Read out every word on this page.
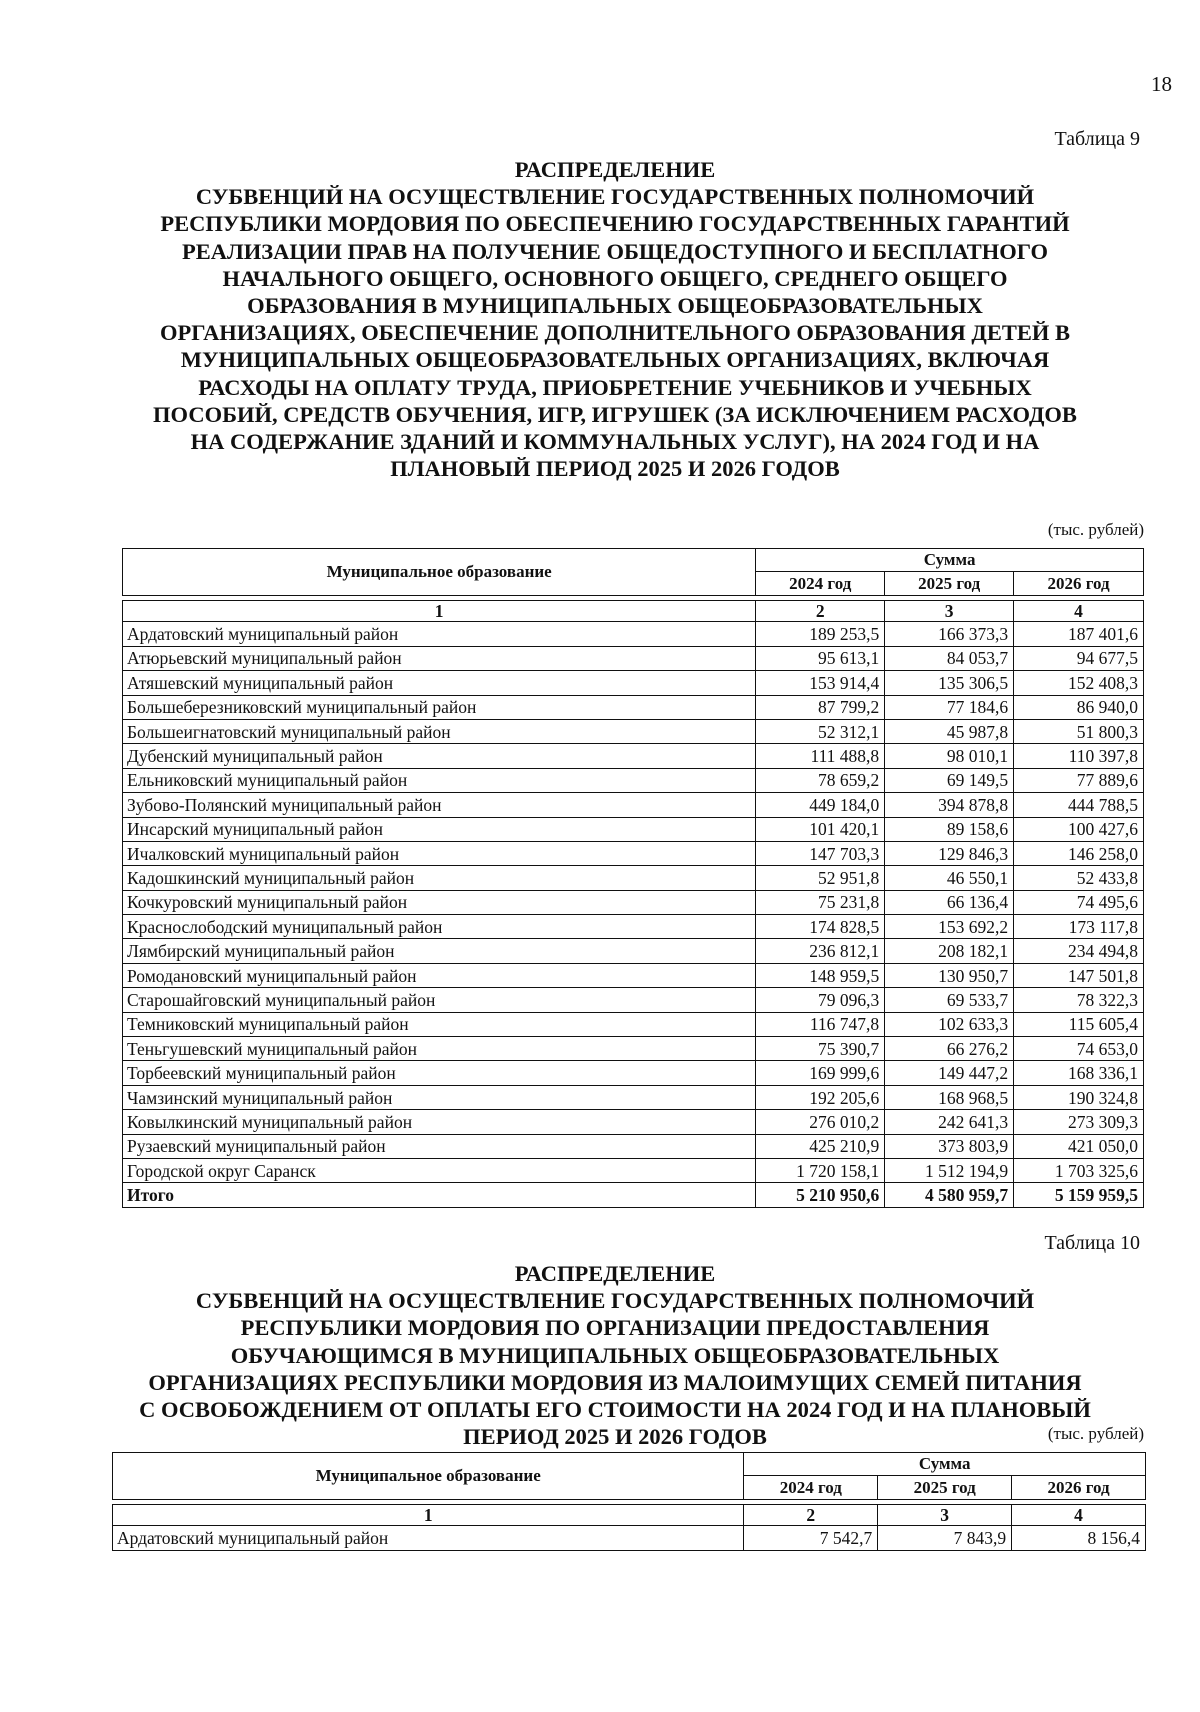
18
Таблица 9
РАСПРЕДЕЛЕНИЕ
СУБВЕНЦИЙ НА ОСУЩЕСТВЛЕНИЕ ГОСУДАРСТВЕННЫХ ПОЛНОМОЧИЙ
РЕСПУБЛИКИ МОРДОВИЯ ПО ОБЕСПЕЧЕНИЮ ГОСУДАРСТВЕННЫХ ГАРАНТИЙ
РЕАЛИЗАЦИИ ПРАВ НА ПОЛУЧЕНИЕ ОБЩЕДОСТУПНОГО И БЕСПЛАТНОГО
НАЧАЛЬНОГО ОБЩЕГО, ОСНОВНОГО ОБЩЕГО, СРЕДНЕГО ОБЩЕГО
ОБРАЗОВАНИЯ В МУНИЦИПАЛЬНЫХ ОБЩЕОБРАЗОВАТЕЛЬНЫХ
ОРГАНИЗАЦИЯХ, ОБЕСПЕЧЕНИЕ ДОПОЛНИТЕЛЬНОГО ОБРАЗОВАНИЯ ДЕТЕЙ В
МУНИЦИПАЛЬНЫХ ОБЩЕОБРАЗОВАТЕЛЬНЫХ ОРГАНИЗАЦИЯХ, ВКЛЮЧАЯ
РАСХОДЫ НА ОПЛАТУ ТРУДА, ПРИОБРЕТЕНИЕ УЧЕБНИКОВ И УЧЕБНЫХ
ПОСОБИЙ, СРЕДСТВ ОБУЧЕНИЯ, ИГР, ИГРУШЕК (ЗА ИСКЛЮЧЕНИЕМ РАСХОДОВ
НА СОДЕРЖАНИЕ ЗДАНИЙ И КОММУНАЛЬНЫХ УСЛУГ), НА 2024 ГОД И НА
ПЛАНОВЫЙ ПЕРИОД 2025 И 2026 ГОДОВ
(тыс. рублей)
Муниципальное образование	Сумма		
	2024 год	2025 год	2026 год

1	2	3	4
Ардатовский муниципальный район	189 253,5	166 373,3	187 401,6
Атюрьевский муниципальный район	95 613,1	84 053,7	94 677,5
Атяшевский муниципальный район	153 914,4	135 306,5	152 408,3
Большеберезниковский муниципальный район	87 799,2	77 184,6	86 940,0
Большеигнатовский муниципальный район	52 312,1	45 987,8	51 800,3
Дубенский муниципальный район	111 488,8	98 010,1	110 397,8
Ельниковский муниципальный район	78 659,2	69 149,5	77 889,6
Зубово-Полянский муниципальный район	449 184,0	394 878,8	444 788,5
Инсарский муниципальный район	101 420,1	89 158,6	100 427,6
Ичалковский муниципальный район	147 703,3	129 846,3	146 258,0
Кадошкинский муниципальный район	52 951,8	46 550,1	52 433,8
Кочкуровский муниципальный район	75 231,8	66 136,4	74 495,6
Краснослободский муниципальный район	174 828,5	153 692,2	173 117,8
Лямбирский муниципальный район	236 812,1	208 182,1	234 494,8
Ромодановский муниципальный район	148 959,5	130 950,7	147 501,8
Старошайговский муниципальный район	79 096,3	69 533,7	78 322,3
Темниковский муниципальный район	116 747,8	102 633,3	115 605,4
Теньгушевский муниципальный район	75 390,7	66 276,2	74 653,0
Торбеевский муниципальный район	169 999,6	149 447,2	168 336,1
Чамзинский муниципальный район	192 205,6	168 968,5	190 324,8
Ковылкинский муниципальный район	276 010,2	242 641,3	273 309,3
Рузаевский муниципальный район	425 210,9	373 803,9	421 050,0
Городской округ Саранск	1 720 158,1	1 512 194,9	1 703 325,6
Итого	5 210 950,6	4 580 959,7	5 159 959,5
Таблица 10
РАСПРЕДЕЛЕНИЕ
СУБВЕНЦИЙ НА ОСУЩЕСТВЛЕНИЕ ГОСУДАРСТВЕННЫХ ПОЛНОМОЧИЙ
РЕСПУБЛИКИ МОРДОВИЯ ПО ОРГАНИЗАЦИИ ПРЕДОСТАВЛЕНИЯ
ОБУЧАЮЩИМСЯ В МУНИЦИПАЛЬНЫХ ОБЩЕОБРАЗОВАТЕЛЬНЫХ
ОРГАНИЗАЦИЯХ РЕСПУБЛИКИ МОРДОВИЯ ИЗ МАЛОИМУЩИХ СЕМЕЙ ПИТАНИЯ
С ОСВОБОЖДЕНИЕМ ОТ ОПЛАТЫ ЕГО СТОИМОСТИ НА 2024 ГОД И НА ПЛАНОВЫЙ
ПЕРИОД 2025 И 2026 ГОДОВ	(тыс. рублей)
Муниципальное образование	Сумма		
	2024 год	2025 год	2026 год

1	2	3	4
Ардатовский муниципальный район	7 542,7	7 843,9	8 156,4
